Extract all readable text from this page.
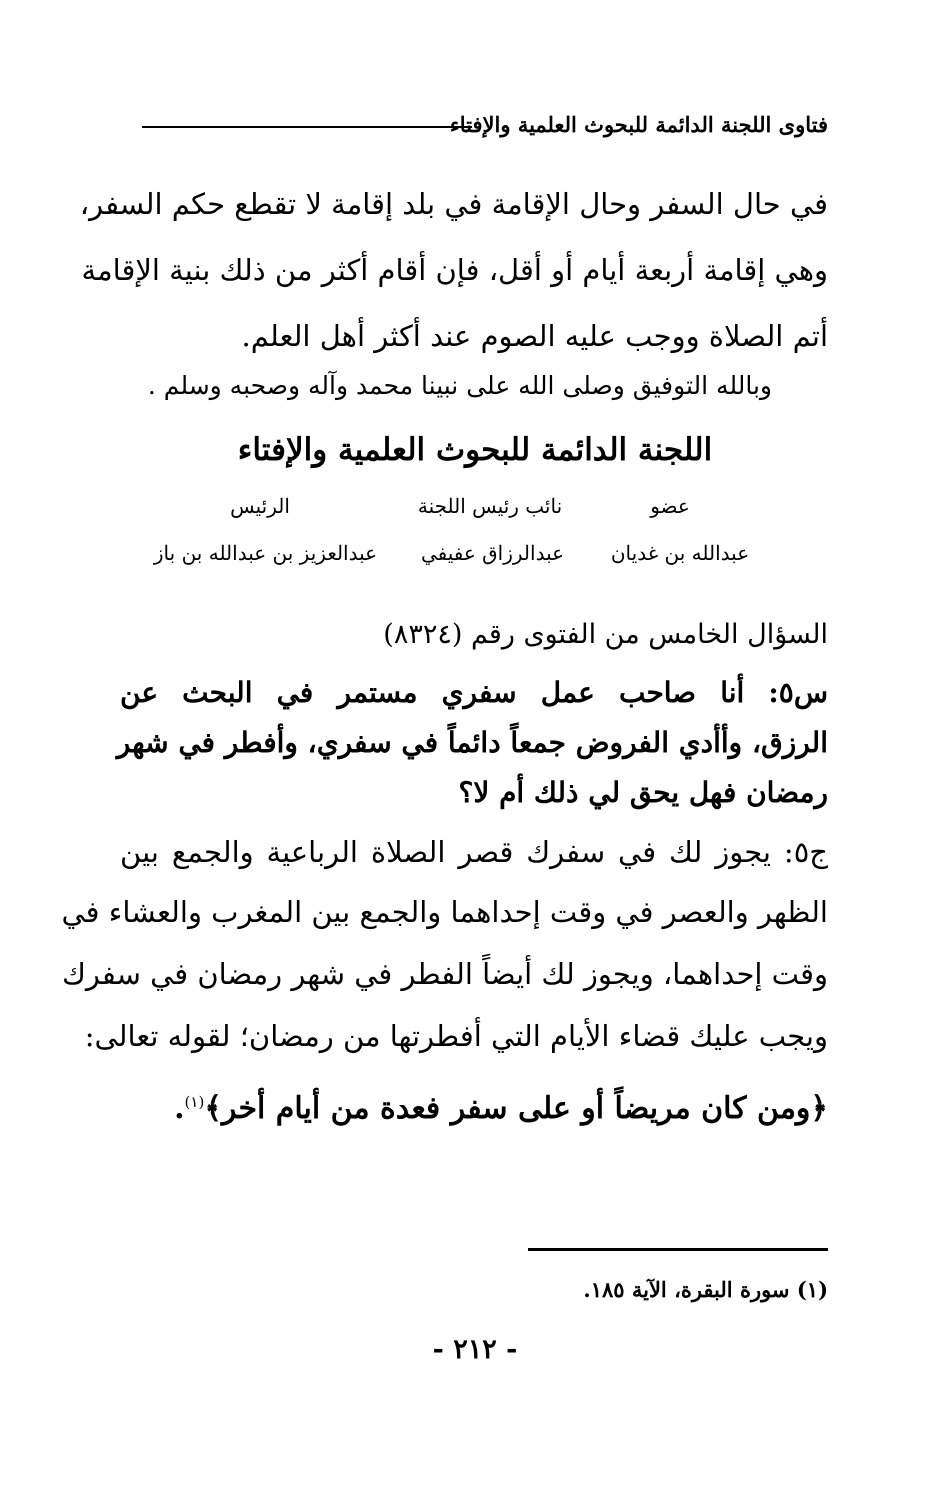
فتاوى اللجنة الدائمة للبحوث العلمية والإفتاء
في حال السفر وحال الإقامة في بلد إقامة لا تقطع حكم السفر،
وهي إقامة أربعة أيام أو أقل، فإن أقام أكثر من ذلك بنية الإقامة
أتم الصلاة ووجب عليه الصوم عند أكثر أهل العلم.
وبالله التوفيق وصلى الله على نبينا محمد وآله وصحبه وسلم .
اللجنة الدائمة للبحوث العلمية والإفتاء
عضو
نائب رئيس اللجنة
الرئيس
عبدالله بن غديان
عبدالرزاق عفيفي
عبدالعزيز بن عبدالله بن باز
السؤال الخامس من الفتوى رقم (٨٣٢٤)
س٥: أنا صاحب عمل سفري مستمر في البحث عن
الرزق، وأأدي الفروض جمعاً دائماً في سفري، وأفطر في شهر
رمضان فهل يحق لي ذلك أم لا؟
ج٥: يجوز لك في سفرك قصر الصلاة الرباعية والجمع بين
الظهر والعصر في وقت إحداهما والجمع بين المغرب والعشاء في
وقت إحداهما، ويجوز لك أيضاً الفطر في شهر رمضان في سفرك
ويجب عليك قضاء الأيام التي أفطرتها من رمضان؛ لقوله تعالى:
﴿ومن كان مريضاً أو على سفر فعدة من أيام أخر﴾$^{(١)}$.
(١) سورة البقرة، الآية ١٨٥.
- ٢١٢ -
